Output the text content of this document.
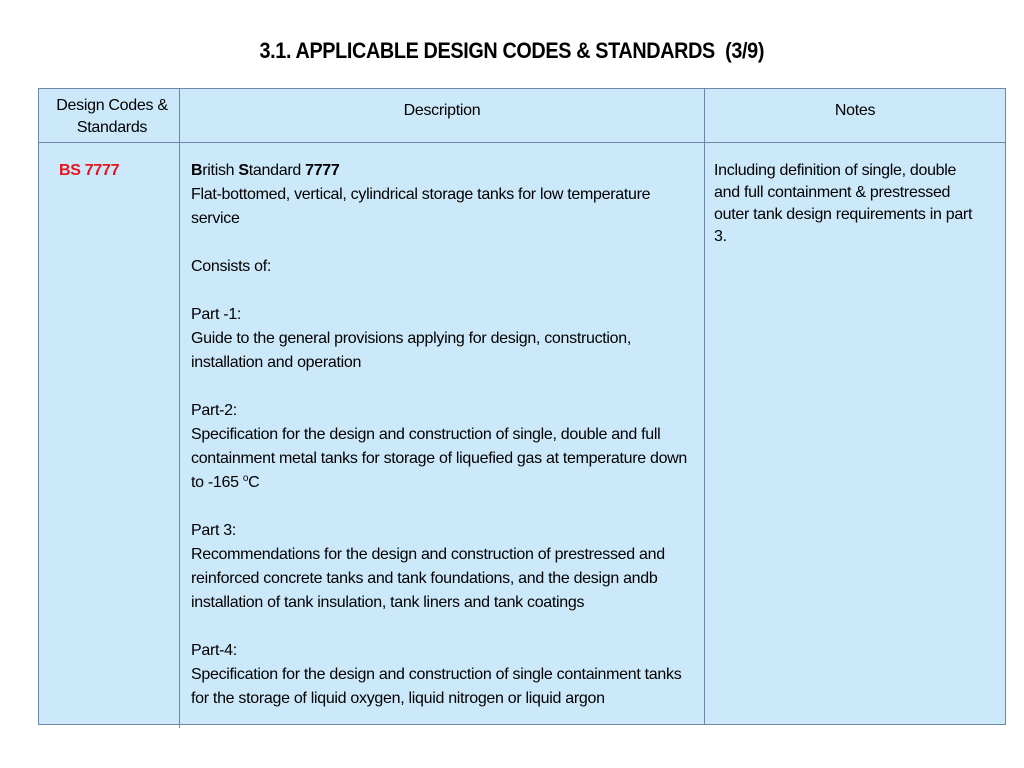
3.1. APPLICABLE DESIGN CODES & STANDARDS  (3/9)
Design Codes & Standards
Description	Notes
BS 7777	British Standard 7777

Flat-bottomed, vertical, cylindrical storage tanks for low temperature service

Consists of:

Part -1:
Guide to the general provisions applying for design, construction, installation and operation

Part-2:
Specification for the design and construction of single, double and full containment metal tanks for storage of liquefied gas at temperature down to -165 $^o$C

Part 3:
Recommendations for the design and construction of prestressed and reinforced concrete tanks and tank foundations, and the design andb installation of tank insulation, tank liners and tank coatings

Part-4:
Specification for the design and construction of single containment tanks for the storage of liquid oxygen, liquid nitrogen or liquid argon

Including definition of single, double and full containment & prestressed outer tank design requirements in part 3.
